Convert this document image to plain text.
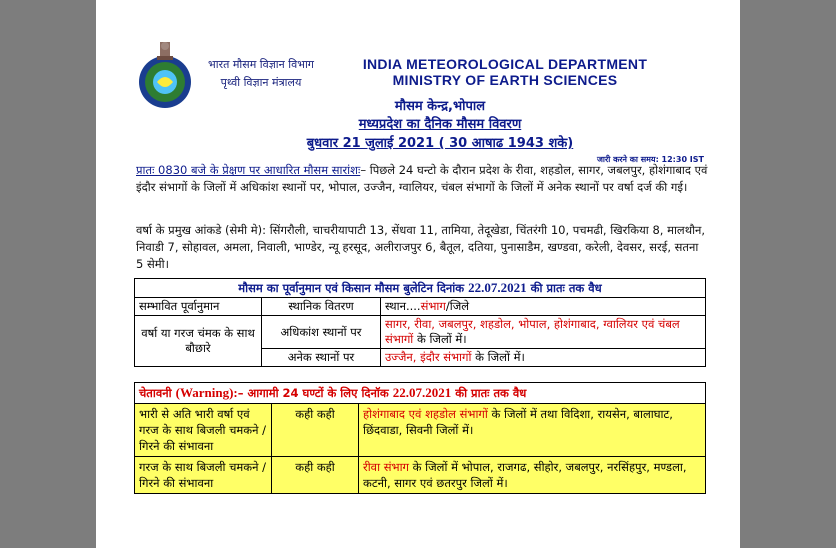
भारत मौसम विज्ञान विभाग
पृथ्वी विज्ञान मंत्रालय
INDIA METEOROLOGICAL DEPARTMENT
MINISTRY OF EARTH SCIENCES
मौसम केन्द्र,भोपाल
मध्यप्रदेश का दैनिक मौसम विवरण
बुधवार 21 जुलाई 2021 ( 30 आषाढ 1943 शके)
जारी करने का समय: 12:30 IST
प्रातः 0830 बजे के प्रेक्षण पर आधारित मौसम सारांशः– पिछले 24 घन्टो के दौरान प्रदेश के रीवा, शहडोल, सागर, जबलपुर, होशंगाबाद एवं इंदौर संभागों के जिलों में अधिकांश स्थानों पर, भोपाल, उज्जैन, ग्वालियर, चंबल संभागों के जिलों में अनेक स्थानों पर वर्षा दर्ज की गई।
वर्षा के प्रमुख आंकडे (सेमी मे): सिंगरौली, चाचरीयापाटी 13, सेंधवा 11, तामिया, तेदूखेडा, चिंतरंगी 10, पचमढी, खिरकिया 8, मालथौन, निवाडी 7, सोहावल, अमला, निवाली, भाण्डेर, न्यू हरसूद, अलीराजपुर 6, बैतूल, दतिया, पुनासाडैम, खण्डवा, करेली, देवसर, सरई, सतना 5 सेमी।
मौसम का पूर्वानुमान एवं किसान मौसम बुलेटिन दिनांक 22.07.2021 की प्रातः तक वैध		
सम्भावित पूर्वानुमान	स्थानिक वितरण	स्थान....संभाग/जिले
वर्षा या गरज चंमक के साथ बौछारे	अधिकांश स्थानों पर	सागर, रीवा, जबलपुर, शहडोल, भोपाल, होशंगाबाद, ग्वालियर एवं चंबल संभागों के जिलों में।
	अनेक स्थानों पर	उज्जैन, इंदौर संभागों के जिलों में।
चेतावनी (Warning):– आगामी 24 घण्टों के लिए दिनॉक 22.07.2021 की प्रातः तक वैध		
भारी से अति भारी वर्षा एवं गरज के साथ बिजली चमकने / गिरने की संभावना	कही कही	होशंगाबाद एवं शहडोल संभागों के जिलों में तथा विदिशा, रायसेन, बालाघाट, छिंदवाडा, सिवनी जिलों में।
गरज के साथ बिजली चमकने / गिरने की संभावना	कही कही	रीवा संभाग के जिलों में भोपाल, राजगढ, सीहोर, जबलपुर, नरसिंहपुर, मण्डला, कटनी, सागर एवं छतरपुर जिलों में।
